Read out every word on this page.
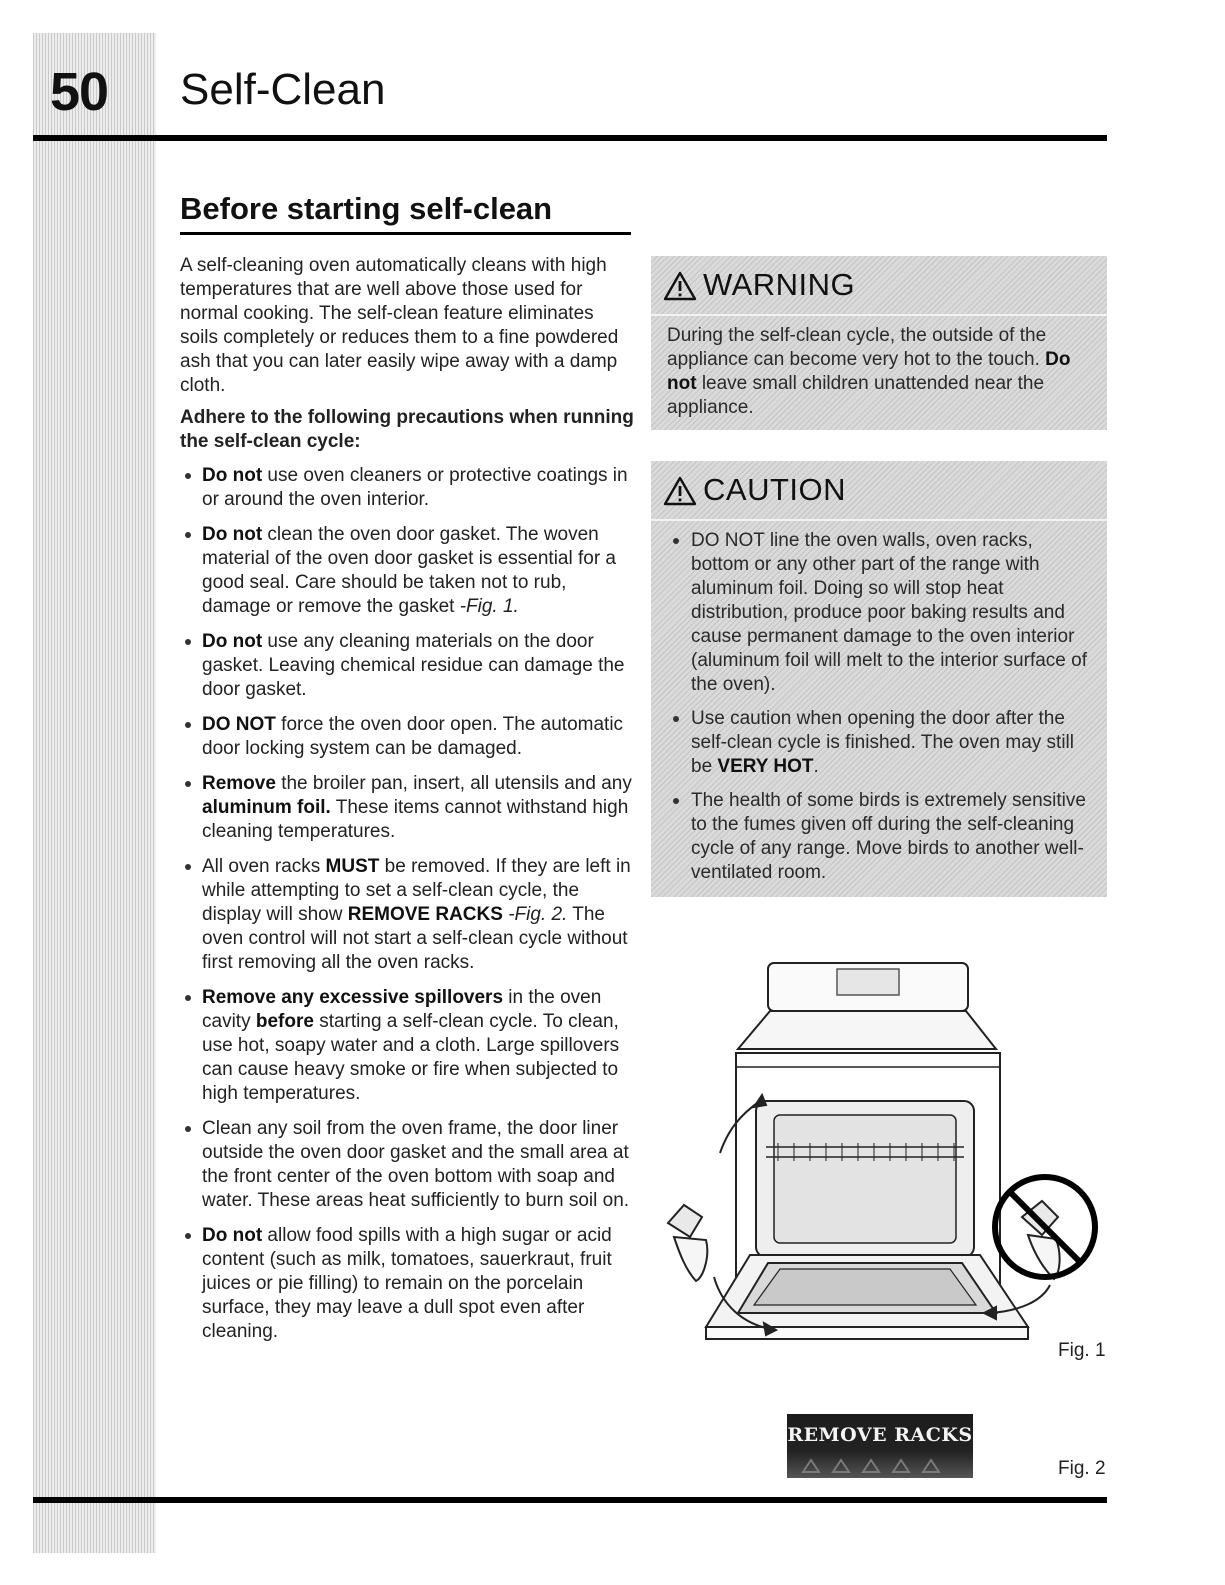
50 Self-Clean
Before starting self-clean

A self-cleaning oven automatically cleans with high temperatures that are well above those used for normal cooking. The self-clean feature eliminates soils completely or reduces them to a fine powdered ash that you can later easily wipe away with a damp cloth.

Adhere to the following precautions when running the self-clean cycle:

Do not use oven cleaners or protective coatings in or around the oven interior.
Do not clean the oven door gasket. The woven material of the oven door gasket is essential for a good seal. Care should be taken not to rub, damage or remove the gasket -Fig. 1.
Do not use any cleaning materials on the door gasket. Leaving chemical residue can damage the door gasket.
DO NOT force the oven door open. The automatic door locking system can be damaged.
Remove the broiler pan, insert, all utensils and any aluminum foil. These items cannot withstand high cleaning temperatures.
All oven racks MUST be removed. If they are left in while attempting to set a self-clean cycle, the display will show REMOVE RACKS -Fig. 2. The oven control will not start a self-clean cycle without first removing all the oven racks.
Remove any excessive spillovers in the oven cavity before starting a self-clean cycle. To clean, use hot, soapy water and a cloth. Large spillovers can cause heavy smoke or fire when subjected to high temperatures.
Clean any soil from the oven frame, the door liner outside the oven door gasket and the small area at the front center of the oven bottom with soap and water. These areas heat sufficiently to burn soil on.
Do not allow food spills with a high sugar or acid content (such as milk, tomatoes, sauerkraut, fruit juices or pie filling) to remain on the porcelain surface, they may leave a dull spot even after cleaning.
WARNING
During the self-clean cycle, the outside of the appliance can become very hot to the touch. Do not leave small children unattended near the appliance.
CAUTION
DO NOT line the oven walls, oven racks, bottom or any other part of the range with aluminum foil. Doing so will stop heat distribution, produce poor baking results and cause permanent damage to the oven interior (aluminum foil will melt to the interior surface of the oven).
Use caution when opening the door after the self-clean cycle is finished. The oven may still be VERY HOT.
The health of some birds is extremely sensitive to the fumes given off during the self-cleaning cycle of any range. Move birds to another well-ventilated room.
Fig. 1
REMOVE RACKS
Fig. 2
